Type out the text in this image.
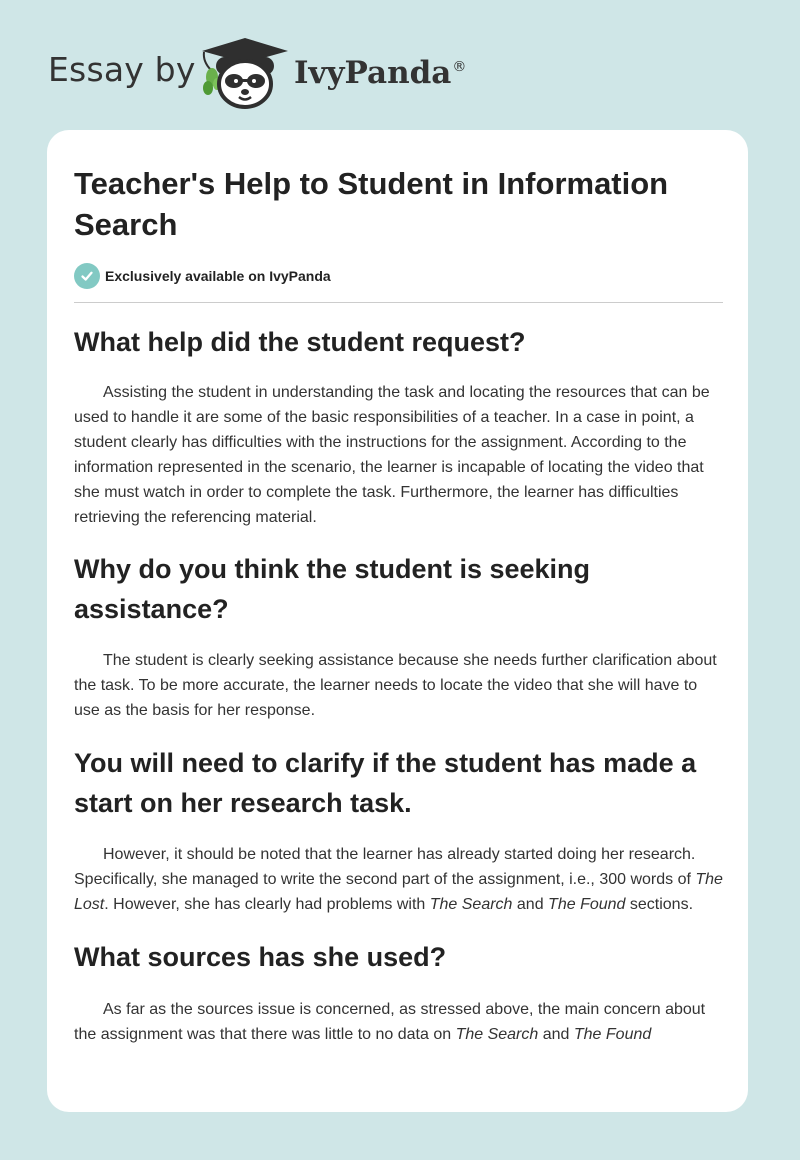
Essay by	IvyPanda®
Teacher's Help to Student in Information Search
Exclusively available on IvyPanda
What help did the student request?

Assisting the student in understanding the task and locating the resources that can be used to handle it are some of the basic responsibilities of a teacher. In a case in point, a student clearly has difficulties with the instructions for the assignment. According to the information represented in the scenario, the learner is incapable of locating the video that she must watch in order to complete the task. Furthermore, the learner has difficulties retrieving the referencing material.

Why do you think the student is seeking assistance?

The student is clearly seeking assistance because she needs further clarification about the task. To be more accurate, the learner needs to locate the video that she will have to use as the basis for her response.

You will need to clarify if the student has made a start on her research task.

However, it should be noted that the learner has already started doing her research. Specifically, she managed to write the second part of the assignment, i.e., 300 words of The Lost. However, she has clearly had problems with The Search and The Found sections.

What sources has she used?

As far as the sources issue is concerned, as stressed above, the main concern about the assignment was that there was little to no data on The Search and The Found
